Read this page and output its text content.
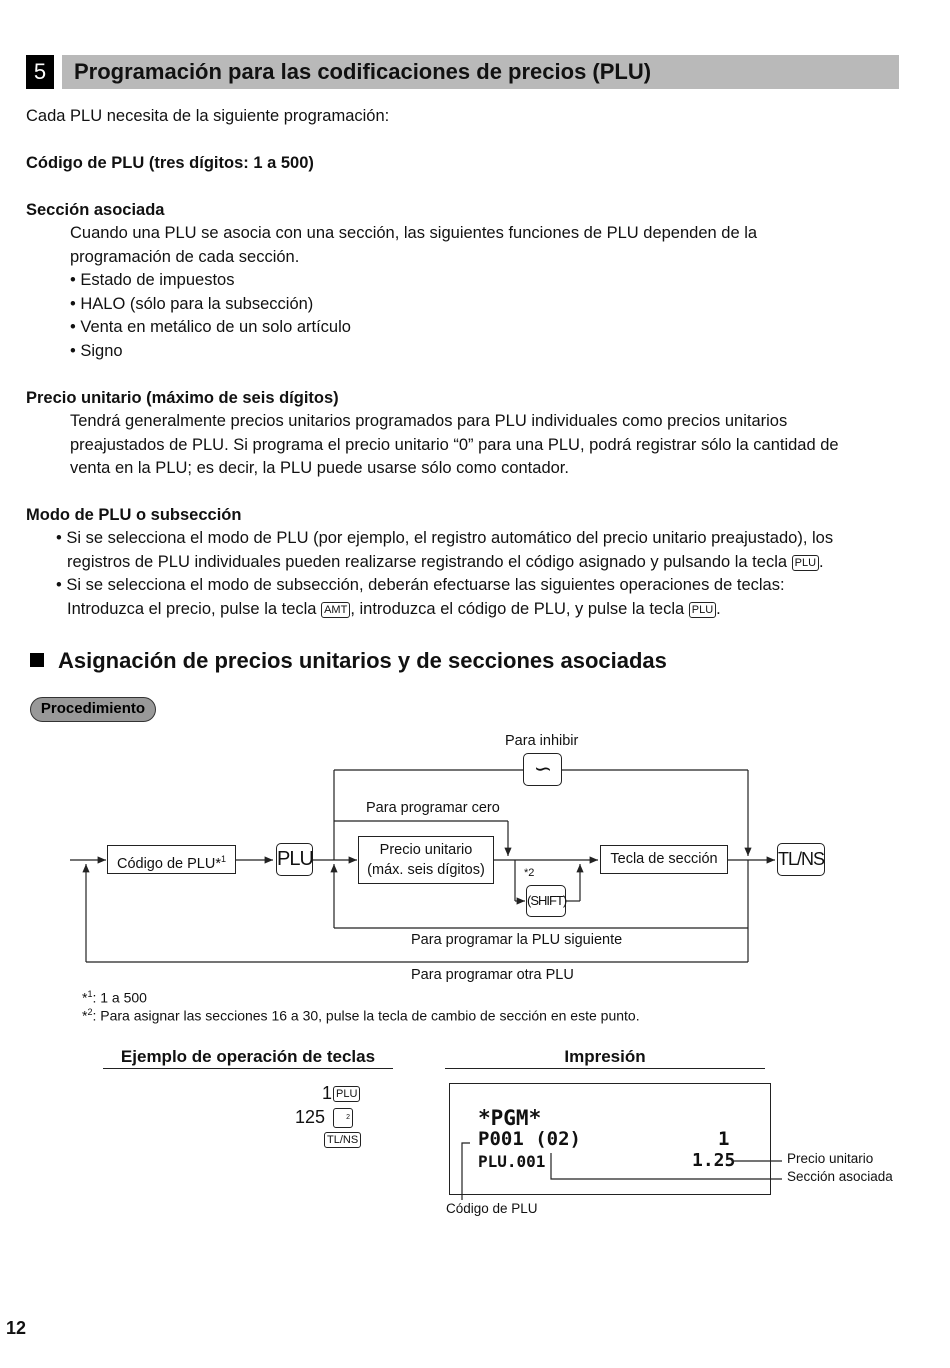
5	Programación para las codificaciones de precios (PLU)
Cada PLU necesita de la siguiente programación:
Código de PLU (tres dígitos: 1 a 500)
Sección asociada
Cuando una PLU se asocia con una sección, las siguientes funciones de PLU dependen de la
programación de cada sección.
• Estado de impuestos
• HALO (sólo para la subsección)
• Venta en metálico de un solo artículo
• Signo
Precio unitario (máximo de seis dígitos)
Tendrá generalmente precios unitarios programados para PLU individuales como precios unitarios
preajustados de PLU. Si programa el precio unitario “0” para una PLU, podrá registrar sólo la cantidad de
venta en la PLU; es decir, la PLU puede usarse sólo como contador.
Modo de PLU o subsección
• Si se selecciona el modo de PLU (por ejemplo, el registro automático del precio unitario preajustado), los
registros de PLU individuales pueden realizarse registrando el código asignado y pulsando la tecla PLU .
• Si se selecciona el modo de subsección, deberán efectuarse las siguientes operaciones de teclas:
Introduzca el precio, pulse la tecla AMT , introduzca el código de PLU, y pulse la tecla PLU .
Asignación de precios unitarios y de secciones asociadas
Procedimiento
Para inhibir
∽
Para programar cero
Código de PLU*$^1$	PLU	Precio unitario
(máx. seis dígitos)	*2
(SHIFT)
Tecla de sección	TL/NS
Para programar la PLU siguiente
Para programar otra PLU
*$^1$: 1 a 500
*$^2$: Para asignar las secciones 16 a 30, pulse la tecla de cambio de sección en este punto.
Ejemplo de operación de teclas	Impresión
1 PLU
125	2
TL/NS
*PGM*
P001 (02)	1
PLU.001	1.25	Precio unitario
Sección asociada
Código de PLU
12
